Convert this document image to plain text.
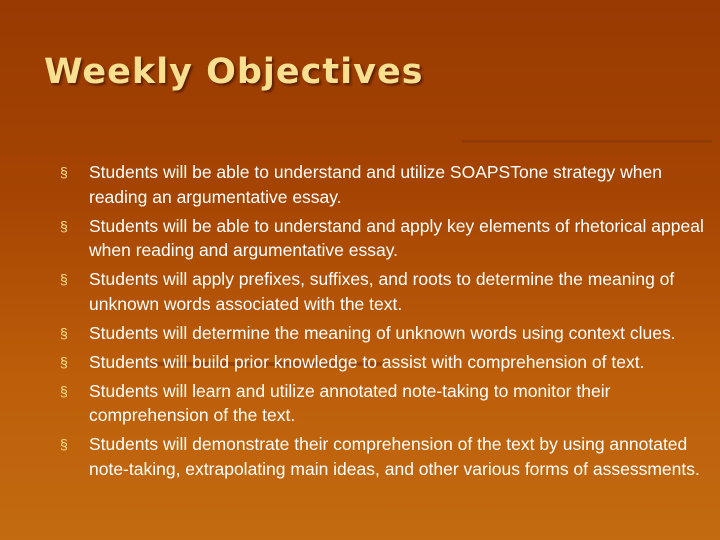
Weekly Objectives
§ Students will be able to understand and utilize SOAPSTone strategy when reading an argumentative essay.
§ Students will be able to understand and apply key elements of rhetorical appeal when reading and argumentative essay.
§ Students will apply prefixes, suffixes, and roots to determine the meaning of unknown words associated with the text.
§ Students will determine the meaning of unknown words using context clues.
§ Students will build prior knowledge to assist with comprehension of text.
§ Students will learn and utilize annotated note-taking to monitor their comprehension of the text.
§ Students will demonstrate their comprehension of the text by using annotated note-taking, extrapolating main ideas, and other various forms of assessments.
